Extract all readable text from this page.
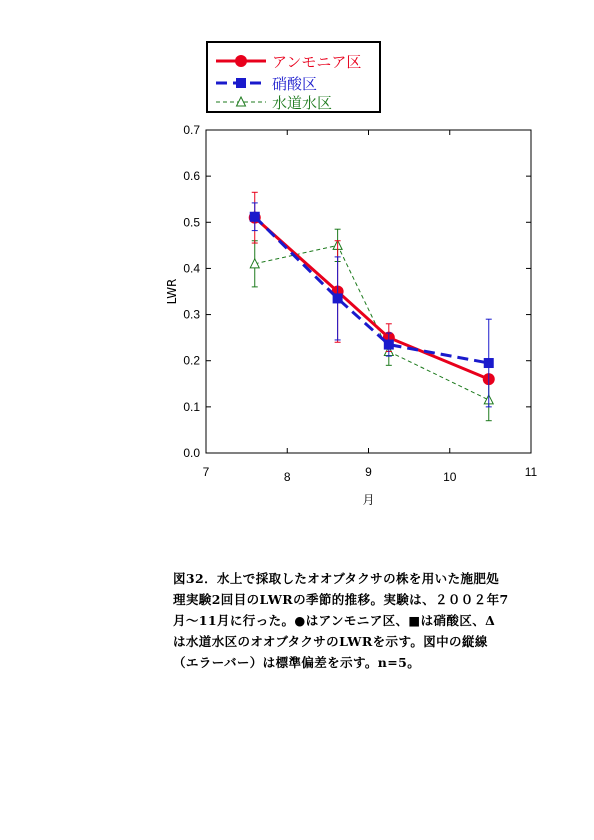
アンモニア区
硝酸区
水道水区
0.0
0.1
0.2
0.3
0.4
0.5
0.6
0.7
7	8	9	10	11
LWR
月

図32．水上で採取したオオブタクサの株を用いた施肥処
理実験2回目のLWRの季節的推移。実験は、２００２年7
月～11月に行った。●はアンモニア区、■は硝酸区、Δ
は水道水区のオオブタクサのLWRを示す。図中の縦線
（エラーバー）は標準偏差を示す。n=5。
